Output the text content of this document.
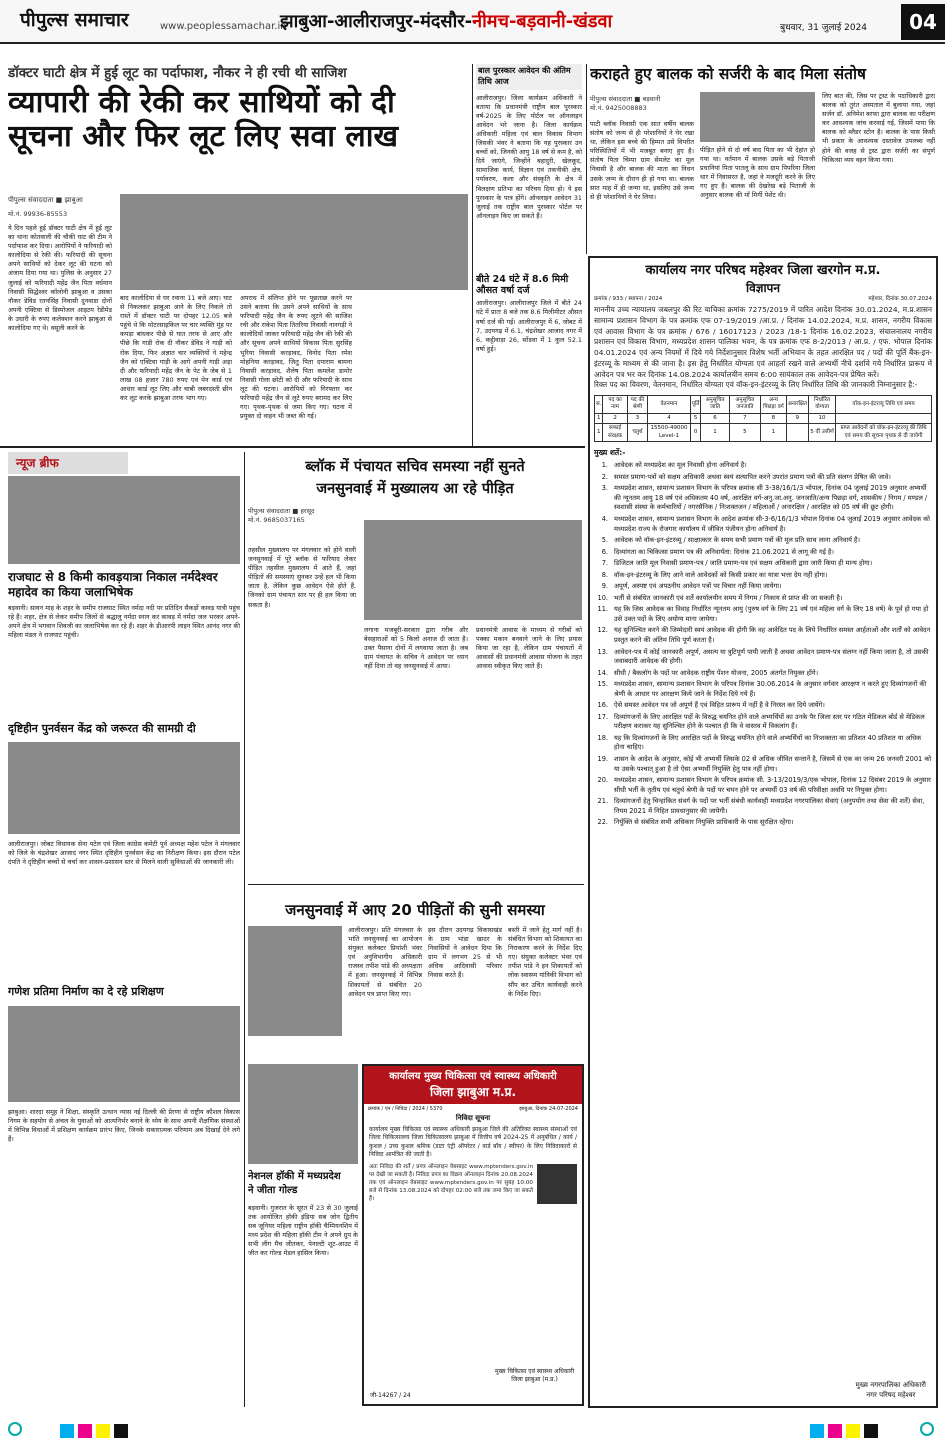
पीपुल्स समाचार	www.peoplessamachar.in
झाबुआ-आलीराजपुर-मंदसौर-नीमच-बड़वानी-खंडवा	बुधवार, 31 जुलाई 2024	04
डॉक्टर घाटी क्षेत्र में हुई लूट का पर्दाफाश, नौकर ने ही रची थी साजिश
व्यापारी की रेकी कर साथियों को दी
सूचना और फिर लूट लिए सवा लाख
पीपुल्स संवाददाता ■ झाबुआ
मो.नं. 99936-85553
ये दिन पहले हुई डॉक्टर घाटी क्षेत्र में हुई लूट का थाना कोतवाली की चौकी घाट की टीम ने पर्दाफाश कर दिया। आरोपियों ने फरियादी को कालोदिया से रेकी की। फरियादी की सूचना अपने साथियों को देकर लूट की घटना को अंजाम दिया गया था। पुलिस के अनुसार 27 जुलाई को फरियादी महेंद्र जैन पिता वर्धमान निवासी सिद्धेश्वर कॉलोनी झाबुआ व उसका नौकर डेविड रतनसिंह निवासी दुनवाडा दोनों अपनी एक्टिवा से डिस्पोजल आइटम रेडीमेड के उधारी के रुपए कलेक्शन करने झाबुआ से कालोदिया गए थे। वसूली करने के
बाद कालोदिया से घर रवाना 11 बजे आए। घाट से निकलकर झाबुआ आने के लिए निकले तो रास्ते में डॉक्टर घाटी पर दोपहर 12.05 बजे पहुंचे थे कि मोटरसाइकिल पर चार व्यक्ति मुंह पर कपड़ा बांधकर पीछे से घात तरफ से आए और पीछे कि गाड़ी रोक दी नौकर डेविड ने गाड़ी को रोक दिया, फिर अज्ञात चार व्यक्तियों ने महेन्द्र जैन को एक्टिवा गाड़ी के आगे अपनी गाड़ी अड़ा दी और फरियादी महेंद्र जैन के पेट के जेब से 1 लाख 08 हजार 780 रुपए एवं पेन कार्ड एवं आधार कार्ड लूट लिए और चाबी जबरदस्ती छीन कर लूट करके झाबुआ तरफ भाग गए।
अपराध में संलिप्त होने पर पूछताछ करने पर उसने बताया कि उसने अपने साथियों के साथ फरियादी महेंद्र जैन के रुपए लूटने की साजिश रची और राकेश पिता तितरिया निवासी नानगड़ी ने कालोदियों जाकर फरियादी महेंद्र जैन की रेकी की और सूचना अपने साथियों विकास पिता सुरसिंह भूरिया निवासी करड़ावद, विनोद पिता रमेश मोहनिया करड़ावद, जितु पिता दयाराम बामना निवासी करड़ावद, शैलेष पिता कमलेश डामोर निवासी गोला छोटी को दी और फरियादी के साथ लूट की घटना। आरोपियों को गिरफ्तार कर फरियादी महेंद्र जैन से लूटे रुपए बरामद कर लिए गए। पृथक-पृथक से जमा किए गए। घटना में प्रयुक्त दो वाहन भी जब्त की गई।
बाल पुरस्कार आवेदन की अंतिम तिथि आज
आलीराजपुर। जिला कार्यक्रम अधिकारी ने बताया कि प्रधानमंत्री राष्ट्रीय बाल पुरस्कार वर्ष-2025 के लिए पोर्टल पर ऑनलाइन आवेदन भरे जाना है। जिला कार्यक्रम अधिकारी महिला एवं बाल विकास विभाग जिसकी भंवर ने बताया कि यह पुरस्कार उन बच्चों को, जिनकी आयु 18 वर्ष से कम है, को दिये जाएंगे, जिन्होंने बहादुरी, खेलकूद, सामाजिक कार्य, विज्ञान एवं तकनीकी क्षेत्र, पर्यावरण, कला और संस्कृति के क्षेत्र में विलक्षण प्रतिभा का परिचय दिया हो। ये इस पुरस्कार के पात्र होंगे। ऑनलाइन आवेदन 31 जुलाई तक राष्ट्रीय बाल पुरस्कार पोर्टल पर ऑनलाइन किए जा सकते हैं।
बीते 24 घंटे में 8.6 मिमी औसत वर्षा दर्ज
आलीराजपुर। आलीराजपुर जिले में बीते 24 घंटे में प्रातः 8 बजे तक 8.6 मिलीमीटर औसत वर्षा दर्ज की गई। आलीराजपुर में 6, जोबट में 7, उदयगढ़ में 6.1, चंद्रशेखर आजाद नगर में 6, कट्ठीवाड़ा 26, सोंडवा में 1 कुल 52.1 वर्षा हुई।
कराहते हुए बालक को सर्जरी के बाद मिला संतोष
पीपुल्स संवाददाता ■ बड़वानी
मो.नं. 9425008883
पाटी ब्लॉक निवासी एक सात वर्षीय बालक संतोष को जन्म से ही परेशानियों ने घेर रखा था, लेकिन इस बच्चे की हिम्मत उसे विपरीत परिस्थितियों में भी मजबूत बनाए हुए है। संतोष पिता चिम्पा ग्राम सेमलेट का मूल निवासी है और बालक की माता का निधन उसके जन्म के दौरान ही हो गया था। बालक सात माह में ही जन्मा था, इसलिए उसे जन्म से ही परेशानियों ने घेर लिया।
पीड़ित होने से दो वर्ष बाद पिता का भी देहांत हो गया था। वर्तमान में बालक उसके बड़े पिताजी प्रधानियां पिता पातलू के साथ ग्राम पिपरिया जिला धार में निवासरत है, जहां वे मजदूरी करने के लिए गए हुए हैं। बालक की देखरेख बड़े पिताजी के अनुसार बालक की माँ मिर्गी पेशेंट थी।
लिए बात की, जिस पर ट्रस्ट के पदाधिकारी द्वारा बालक को तुरंत अस्पताल में बुलाया गया, जहां सर्जन डॉ. अनिमेश बरफा द्वारा बालक का परीक्षण कर आवश्यक जांच करवाई गई, जिसमें पाया कि बालक को ब्लैडर स्टोन है। बालक के पास किसी भी प्रकार के आवश्यक दस्तावेज उपलब्ध नहीं होने की वजह से ट्रस्ट द्वारा सर्जरी का संपूर्ण चिकित्सा व्यय वहन किया गया।
कार्यालय नगर परिषद महेश्वर जिला खरगोन म.प्र.
विज्ञापन
क्रमांक / 933 / स्थापना / 2024	महेश्वर, दिनांक 30.07.2024
माननीय उच्च न्यायालय जबलपुर की रिट याचिका क्रमांक 7275/2019 में पारित आदेश दिनांक 30.01.2024, म.प्र.शासन सामान्य प्रशासन विभाग के पत्र क्रमांक एफ 07-19/2019 /आ.प्र. / दिनांक 14.02.2024, म.प्र. शासन, नगरीय विकास एवं आवास विभाग के पत्र क्रमांक / 676 / 16017123 / 2023 /18-1 दिनांक 16.02.2023, संचालनालय नगरीय प्रशासन एवं विकास विभाग, मध्यप्रदेश शासन पालिका भवन, के पत्र क्रमांक एफ 8-2/2013 / आ.प्र. / एफ. भोपाल दिनांक 04.01.2024 एवं अन्य नियमों में दिये गये निर्देशानुसार विशेष भर्ती अभियान के तहत आरक्षित पद / पदों की पूर्ति बैंक-इन-इंटरव्यू के माध्यम से की जाना है। इस हेतु निर्धारित योग्यता एवं आहर्ता रखने वाले अभ्यर्थी नीचे दर्शाये गये निर्धारित प्रारूप में आवेदन पत्र भर कर दिनांक 14.08.2024 कार्यालयीन समय 6:00 सायंकाल तक आवेदन-पत्र प्रेषित करें।
रिक्त पद का विवरण, वेतनमान, निर्धारित योग्यता एवं वॉक-इन-इंटरव्यू के लिए निर्धारित तिथि की जानकारी निम्नानुसार है:-
स.	पद का नाम	पद की श्रेणी	वेतनमान	पूर्ति	अनुसूचित जाति	अनुसूचित जनजाति	अन्य पिछड़ा वर्ग	अनारक्षित	निर्धारित योग्यता	वॉक-इन-इंटरव्यू तिथि एवं समय
1	2	3	4	5	6	7	8	9	10	
1	सफाई संरक्षक	चतुर्थ	15500-49000 Level-1	0	1	5	1		5 वीं उत्तीर्ण	प्राप्त आवेदनों को वॉक-इन-इंटरव्यू की तिथि एवं समय की सूचना पृथक से दी जावेगी
मुख्य शर्ते:-
1. आवेदक को मध्यप्रदेश का मूल निवासी होना अनिवार्य है।
2. समस्त प्रमाण-पत्रों को सक्षम अधिकारी अथवा स्वयं सत्यापित करने उपरांत प्रमाण पत्रों की प्रति संलग्न प्रेषित की जावे।
3. मध्यप्रदेश शासन, सामान्य प्रशासन विभाग के परिपत्र क्रमांक सी 3-38/16/1/3 भोपाल, दिनांक 04 जुलाई 2019 अनुसार अभ्यर्थी की न्यूनतम आयु 18 वर्ष एवं अधिकतम 40 वर्ष, आरक्षित वर्ग-अनु.जा.अनु. जनजाति/अन्य पिछड़ा वर्ग, शासकीय / निगम / मण्डल / स्वशासी संस्था के कर्मचारियों / नगरसैनिक / निःशक्तजन / महिलाओं / अनारक्षित / आरक्षित को 05 वर्ष की छूट होगी।
4. मध्यप्रदेश शासन, सामान्य प्रशासन विभाग के आदेश क्रमांक सी-3-6/16/1/3 भोपाल दिनांक 04 जुलाई 2019 अनुसार आवेदक को मध्यप्रदेश राज्य के रोजगार कार्यालय में जीवित पंजीयन होना अनिवार्य है।
5. आवेदक को वॉक-इन-इंटरव्यू / साक्षात्कार के समय सभी प्रमाण पत्रों की मूल प्रति साथ लाना अनिवार्य है।
6. दिव्यांगता का चिकित्सा प्रमाण पत्र की अनिवार्यता: दिनांक 21.06.2021 से लागू की गई है।
7. डिजिटल जाति मूल निवासी प्रमाण-पत्र / जाति प्रमाण-पत्र एवं सक्षम अधिकारी द्वारा जारी किया ही मान्य होगा।
8. वॉक-इन-इंटरव्यू के लिए आने वाले आवेदकों को किसी प्रकार का यात्रा भत्ता देय नहीं होगा।
9. अपूर्ण, अस्पष्ट एवं अपठनीय आवेदन पत्रों पर विचार नहीं किया जायेगा।
10. भर्ती से संबंधित जानकारी एवं शर्ते कार्यालयीन समय में निगम / निकाय से प्राप्त की जा सकती है।
11. यह कि जिस आवेदक का विवाह निर्धारित न्यूनतम आयु (पुरुष वर्ग के लिए 21 वर्ष एवं महिला वर्ग के लिए 18 वर्ष) के पूर्व हो गया हो उसे उक्त पदों के लिए अयोग्य माना जायेगा।
12. यह सुनिश्चित करने की जिम्मेदारी स्वयं आवेदक की होगी कि वह आवेदित पद के लिये निर्धारित समस्त आर्हताओं और शर्तों को आवेदन प्रस्तुत करने की अंतिम तिथि पूर्ण करता है।
13. आवेदन-पत्र में कोई जानकारी अपूर्ण, असत्य या त्रुटिपूर्ण पायी जाती है अथवा आवेदन प्रमाण-पत्र संलग्न नहीं किया जाता है, तो उसकी जवाबदारी आवेदक की होगी।
14. सीधी / बैकलॉग के पदों पर आवेदक राष्ट्रीय पेंशन योजना, 2005 अंतर्गत नियुक्त होंगे।
15. मध्यप्रदेश शासन, सामान्य प्रशासन विभाग के परिपत्र दिनांक 30.06.2014 के अनुसार वर्गवार आरक्षण न करते हुए दिव्यांगजनों की श्रेणी के आधार पर आरक्षण किये जाने के निर्देश दिये गये हैं।
16. ऐसे समस्त आवेदन पत्र जो अपूर्ण हैं एवं विहित प्रारूप में नहीं है वे निरस्त कर दिये जायेंगे।
17. दिव्यांगजनों के लिए आरक्षित पदों के विरुद्ध चयनित होने वाले अभ्यर्थियों का उनके पैर जिला स्तर पर गठित मेडिकल बोर्ड से मेडिकल परीक्षण कराकर यह सुनिश्चित होने के पश्चात ही कि वे वास्तव में विकलांग हैं।
18. यह कि दिव्यांगजनों के लिए आरक्षित पदों के विरुद्ध चयनित होने वाले अभ्यर्थियों का निःशक्तता का प्रतिशत 40 प्रतिशत या अधिक होना चाहिए।
19. शासन के आदेश के अनुसार, कोई भी अभ्यर्थी जिसके 02 से अधिक जीवित सन्तानें है, जिसमें से एक का जन्म 26 जनवरी 2001 को या उसके पश्चात् हुआ है तो ऐसा अभ्यर्थी नियुक्ति हेतु पात्र नहीं होगा।
20. मध्यप्रदेश शासन, सामान्य प्रशासन विभाग के परिपत्र क्रमांक सी. 3-13/2019/3/एक भोपाल, दिनांक 12 दिसंबर 2019 के अनुसार सीधी भर्ती के तृतीय एवं चतुर्थ श्रेणी के पदों पर चयन होने पर अभ्यर्थी 03 वर्ष की परिवीक्षा अवधि पर नियुक्त होगा।
21. दिव्यांगजनों हेतु चिन्हांकित संवर्ग के पदों पर भर्ती संबंधी कार्यवाही मध्यप्रदेश नगरपालिका सेवाएं (अनुपयोग तथा सेवा की शर्तें) सेवा, नियम 2021 में निहित प्रावधानुसार की जायेगी।
22. निर्युक्ति से संबंधित सभी अधिकार नियुक्ति प्राधिकारी के पास सुरक्षित रहेगा।
मुख्य नगरपालिका अधिकारी
नगर परिषद महेश्वर
न्यूज ब्रीफ
राजघाट से 8 किमी कावड़यात्रा निकाल नर्मदेश्वर महादेव का किया जलाभिषेक
बड़वानी। सावन माह के शहर के समीप राजघाट स्थित नर्मदा नदी पर प्रतिदिन सैकड़ों कावड़ यात्री पहुंच रहे हैं। शहर, क्षेत्र से लेकर समीप जिलों से श्रद्धालु नर्मदा स्नान कर कावड़ में नर्मदा जल भरकर अपने-अपने क्षेत्र में भगवान शिवजी का जलाभिषेक कर रहे हैं। शहर के डीआरपी लाइन स्थित आनंद नगर की महिला मंडल ने राजघाट पहुंची।
दृष्टिहीन पुनर्वसन केंद्र को जरूरत की सामग्री दी
आलीराजपुर। जोबट विधायक सेना पटेल एवं जिला कांग्रेस कमेटी पूर्व अध्यक्ष महेश पटेल ने मंगलवार को जिले के चंद्रशेखर आजाद नगर स्थित दृष्टिहीन पुनर्वसन केंद्र का निरीक्षण किया। इस दौरान पटेल दंपति ने दृष्टिहीन बच्चों से चर्चा कर शासन-प्रशासन स्तर से मिलने वाली सुविधाओं की जानकारी ली।
गणेश प्रतिमा निर्माण का दे रहे प्रशिक्षण
झाबुआ। शारदा समूह ने शिक्षा, संस्कृति उत्थान न्यास नई दिल्ली की प्रेरणा से राष्ट्रीय कौशल विकास निगम के सहयोग से अंचल के युवाओं को आत्मनिर्भर बनाने के ध्येय के साथ अपनी शैक्षणिक संस्थाओं में विभिन्न विधाओं में प्रशिक्षण कार्यक्रम प्रारंभ किए, जिनके सकारात्मक परिणाम अब दिखाई देने लगे हैं।
ब्लॉक में पंचायत सचिव समस्या नहीं सुनते
जनसुनवाई में मुख्यालय आ रहे पीड़ित
पीपुल्स संवाददाता ■ हरसूद
मो.नं. 9685037165
तहसील मुख्यालय पर मंगलवार को होने वाली जनसुनवाई में पूरे ब्लॉक से फरियाद लेकर पीड़ित तहसील मुख्यालय में आते हैं, जहां पीड़ितों की समस्याएं सुनकर उन्हें हल भी किया जाता है, लेकिन कुछ आवेदन ऐसे होते हैं, जिनको ग्राम पंचायत स्तर पर ही हल किया जा सकता है।
लगाना मजबूरी-सरकार द्वारा गरीब और बेसहाराओं को 5 किलो अनाज दी जाता है। उक्त पैसाना दोनों में लगवाया जाता है। जब ग्राम पंचायत के सचिव ने आवेदन पर ध्यान नहीं दिया तो वह जनसुनवाई में आया।
प्रधानमंत्री आवास के माध्यम से गरीबों को पक्का मकान बनवाने जाने के लिए प्रयास किया जा रहा है, लेकिन ग्राम पंचायतों में आवासों की प्रधानमंत्री आवास योजना के तहत आवास स्वीकृत किए जाते हैं।
जनसुनवाई में आए 20 पीड़ितों की सुनी समस्या
आलीराजपुर। प्रति मंगलवार के भांति जनसुनवाई का आयोजन संयुक्त कलेक्टर प्रियांशी भंवर एवं अनुविभागीय अधिकारी राजस्व तपीश पांडे की अध्यक्षता में हुआ। जनसुनवाई में विभिन्न शिकायतों से संबंधित 20 आवेदन पत्र प्राप्त किए गए।
इस दौरान उदयगढ़ विकासखंड के ग्राम भांडा खादर के निवासियों ने आवेदन दिया कि ग्राम में लगभग 25 से भी अधिक आदिवासी परिवार निवास करते हैं।
बस्ती में जाने हेतु मार्ग नहीं है। संबंधित विभाग को शिकायत का निराकरण करने के निर्देश दिए गए। संयुक्त कलेक्टर भंवर एवं तपीश पांडे ने इन शिकायतों को लोक स्वास्थ्य यांत्रिकी विभाग को सौंप कर उचित कार्यवाही करने के निर्देश दिए।
नेशनल हॉकी में मध्यप्रदेश
ने जीता गोल्ड
बड़वानी। गुजरात के सूरत में 23 से 30 जुलाई तक आयोजित हॉकी इंडिया सब जोन द्वितीय सब जूनियर महिला राष्ट्रीय हॉकी चैम्पियनशिप में मध्य प्रदेश की महिला हॉकी टीम ने अपने ग्रुप के सभी लीग मैच जीतकर, पेनाल्टी शूट-आउट में जीत कर गोल्ड मेडल हासिल किया।
कार्यालय मुख्य चिकित्सा एवं स्वास्थ्य अधिकारी
जिला झाबुआ म.प्र.
क्रमांक / एन / निविदा / 2024 / 5370	झाबुआ, दिनांक 24-07-2024
निविदा सूचना
कार्यालय मुख्य चिकित्सा एवं स्वास्थ्य अधिकारी झाबुआ जिले की अतिरिक्त स्वास्थ्य संस्थाओं एवं जिला चिकित्सालय जिला चिकित्सालय झाबुआ में वित्तीय वर्ष 2024-25 में अनुबंधित / कार्य / कुशल / उच्च कुशल श्रमिक (डाटा एंट्री ऑपरेटर / वार्ड बॉय / स्वीपर) के लिए निविदाकारों से निविदा आमंत्रित की जाती है।
अतः निविदा की शर्तें / प्रपत्र ऑनलाइन वेबसाइट www.mptenders.gov.in पर देखी जा सकती है। निविदा प्रपत्र का विक्रय ऑनलाइन दिनांक 20.08.2024 तक एवं ऑनलाइन वेबसाइट www.mptenders.gov.in पर सुबह 10:00 बजे से दिनांक 13.08.2024 को दोपहर 02:00 बजे तक जमा किए जा सकते हैं।
मुख्य चिकित्सा एवं स्वास्थ्य अधिकारी
जिला झाबुआ (म.प्र.)
जी-14267 / 24
